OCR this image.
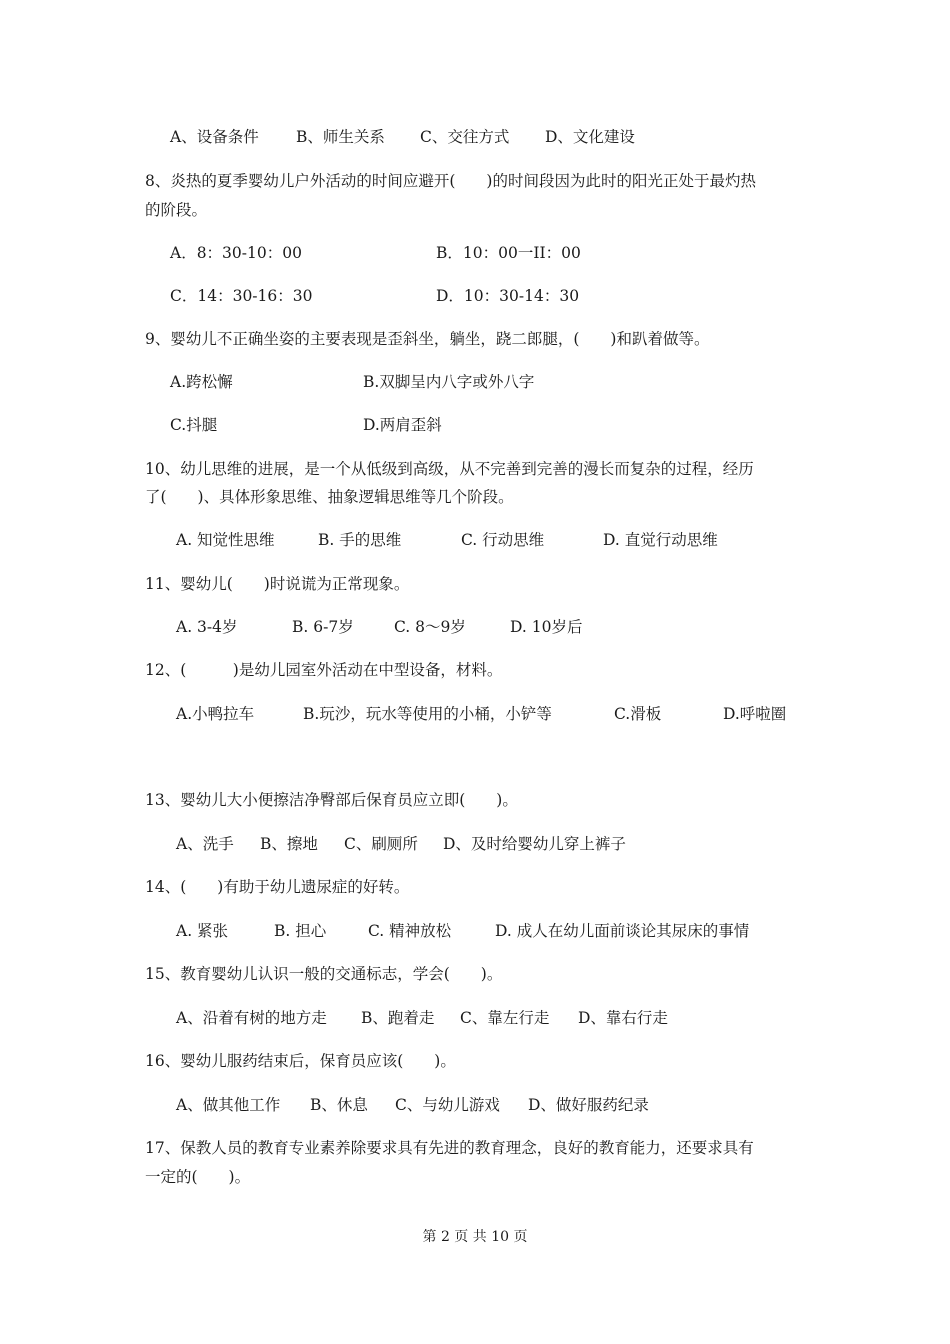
A、设备条件 B、师生关系 C、交往方式 D、文化建设
8、炎热的夏季婴幼儿户外活动的时间应避开(　　)的时间段因为此时的阳光正处于最灼热
的阶段。
A．8：30-10：00	B．10：00一II：00
C．14：30-16：30	D．10：30-14：30
9、婴幼儿不正确坐姿的主要表现是歪斜坐，躺坐，跷二郎腿，(　　)和趴着做等。
A.跨松懈	B.双脚呈内八字或外八字
C.抖腿	D.两肩歪斜
10、幼儿思维的进展，是一个从低级到高级，从不完善到完善的漫长而复杂的过程，经历
了(　　)、具体形象思维、抽象逻辑思维等几个阶段。
A. 知觉性思维	B. 手的思维	C. 行动思维	D. 直觉行动思维
11、婴幼儿(　　)时说谎为正常现象。
A. 3-4岁	B. 6-7岁	C. 8～9岁	D. 10岁后
12、(　　　)是幼儿园室外活动在中型设备，材料。
A.小鸭拉车	B.玩沙，玩水等使用的小桶，小铲等	C.滑板	D.呼啦圈
13、婴幼儿大小便擦洁净臀部后保育员应立即(　　)。
A、洗手 B、擦地 C、刷厕所 D、及时给婴幼儿穿上裤子
14、(　　)有助于幼儿遗尿症的好转。
A. 紧张	B. 担心	C. 精神放松	D. 成人在幼儿面前谈论其尿床的事情
15、教育婴幼儿认识一般的交通标志，学会(　　)。
A、沿着有树的地方走 B、跑着走 C、靠左行走 D、靠右行走
16、婴幼儿服药结束后，保育员应该(　　)。
A、做其他工作 B、休息 C、与幼儿游戏 D、做好服药纪录
17、保教人员的教育专业素养除要求具有先进的教育理念，良好的教育能力，还要求具有
一定的(　　)。
第 2 页 共 10 页
